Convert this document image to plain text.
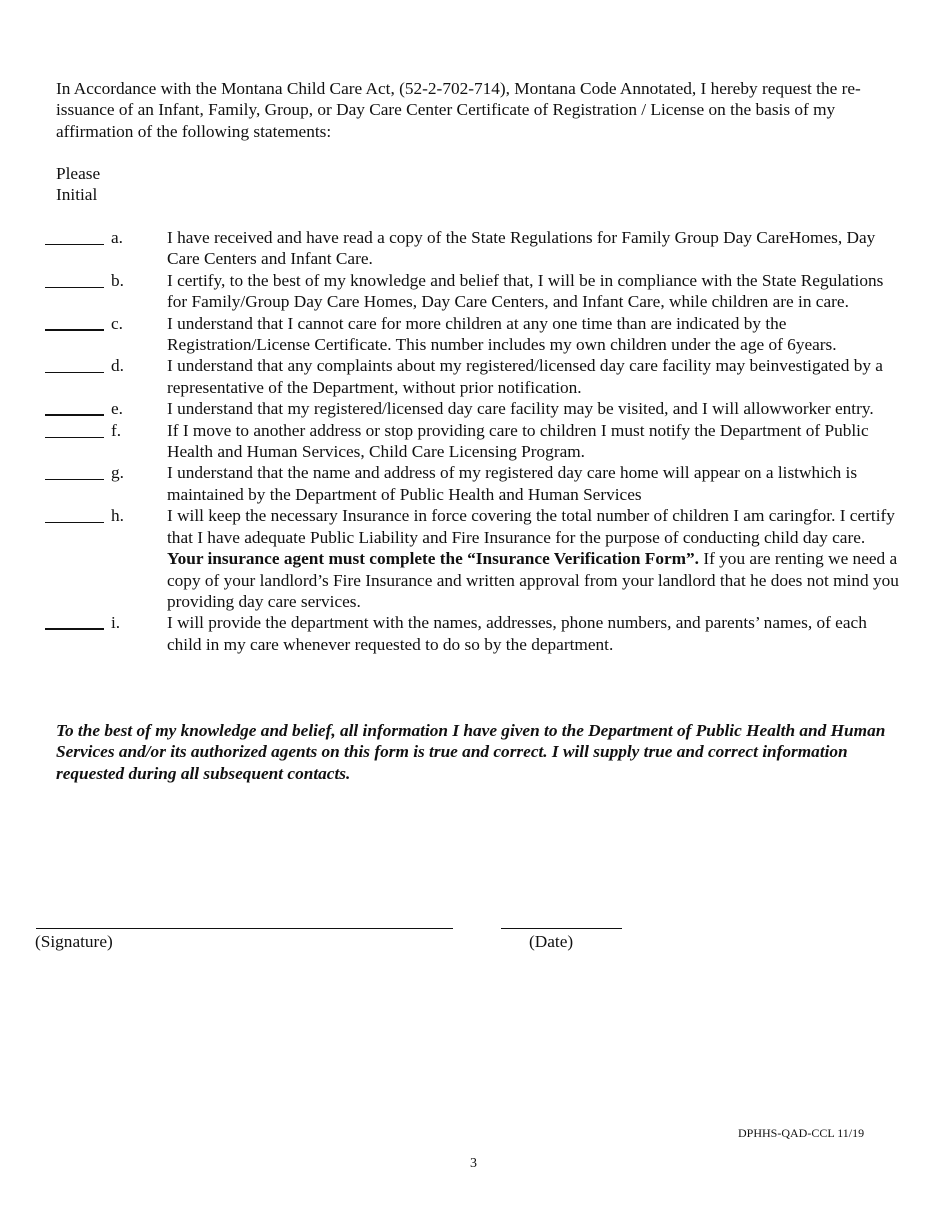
In Accordance with the Montana Child Care Act, (52-2-702-714), Montana Code Annotated, I hereby request the re-issuance of an Infant, Family, Group, or Day Care Center Certificate of Registration / License on the basis of my affirmation of the following statements:

Please
Initial
a.	I have received and have read a copy of the State Regulations for Family Group Day CareHomes, Day Care Centers and Infant Care.
b. I certify, to the best of my knowledge and belief that, I will be in compliance with the State Regulations for Family/Group Day Care Homes, Day Care Centers, and Infant Care, while children are in care.
c.	I understand that I cannot care for more children at any one time than are indicated by the Registration/License Certificate. This number includes my own children under the age of 6years.
d. I understand that any complaints about my registered/licensed day care facility may beinvestigated by a representative of the Department, without prior notification.
e.	I understand that my registered/licensed day care facility may be visited, and I will allowworker entry.
f.	If I move to another address or stop providing care to children I must notify the Department of Public Health and Human Services, Child Care Licensing Program.
g. I understand that the name and address of my registered day care home will appear on a listwhich is maintained by the Department of Public Health and Human Services
h. I will keep the necessary Insurance in force covering the total number of children I am caringfor. I certify that I have adequate Public Liability and Fire Insurance for the purpose of conducting child day care. Your insurance agent must complete the “Insurance Verification Form”. If you are renting we need a copy of your landlord’s Fire Insurance and written approval from your landlord that he does not mind you providing day care services.
i.	I will provide the department with the names, addresses, phone numbers, and parents’ names, of each child in my care whenever requested to do so by the department.

To the best of my knowledge and belief, all information I have given to the Department of Public Health and Human Services and/or its authorized agents on this form is true and correct. I will supply true and correct information requested during all subsequent contacts.

(Signature)	(Date)
DPHHS-QAD-CCL 11/19
3
